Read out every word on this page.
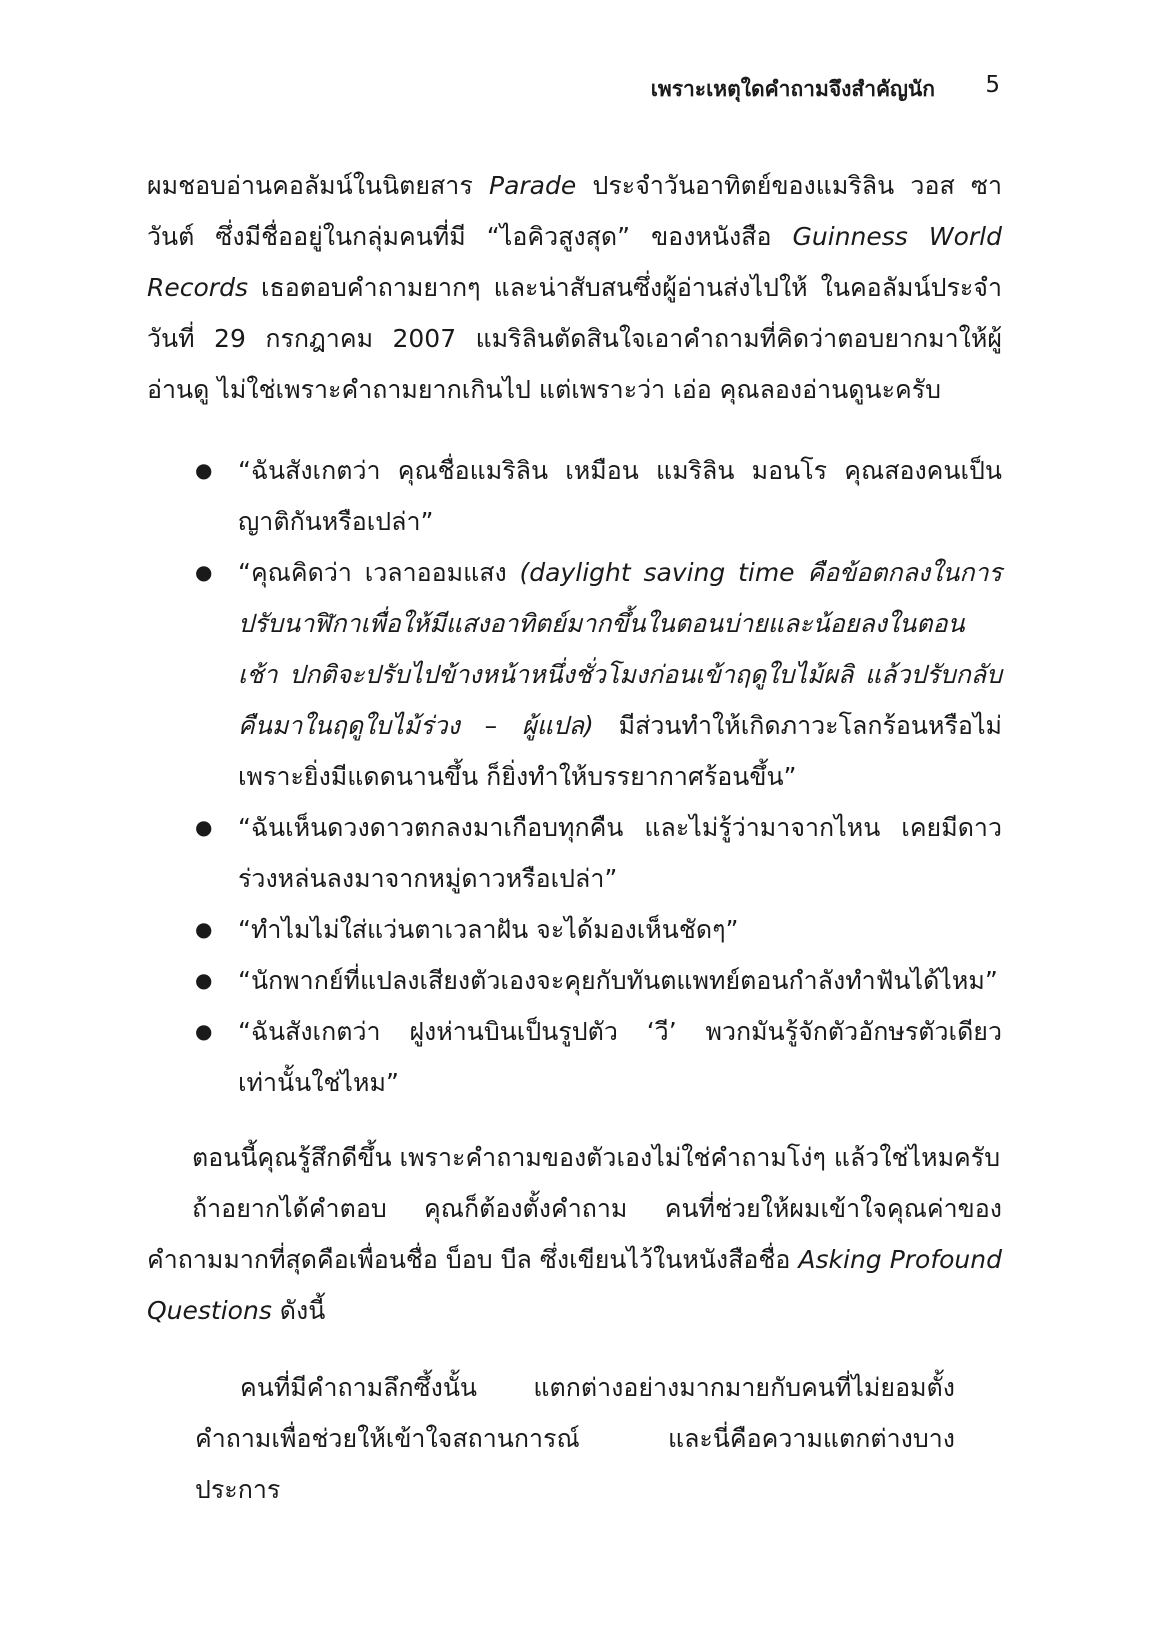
เพราะเหตุใดคำถามจึงสำคัญนัก 5
ผมชอบอ่านคอลัมน์ในนิตยสาร Parade ประจำวันอาทิตย์ของแมริลิน วอส ซาวันต์ ซึ่งมีชื่ออยู่ในกลุ่มคนที่มี “ไอคิวสูงสุด” ของหนังสือ Guinness World Records เธอตอบคำถามยากๆ และน่าสับสนซึ่งผู้อ่านส่งไปให้ ในคอลัมน์ประจำวันที่ 29 กรกฎาคม 2007 แมริลินตัดสินใจเอาคำถามที่คิดว่าตอบยากมาให้ผู้อ่านดู ไม่ใช่เพราะคำถามยากเกินไป แต่เพราะว่า เอ่อ คุณลองอ่านดูนะครับ
● “ฉันสังเกตว่า คุณชื่อแมริลิน เหมือน แมริลิน มอนโร คุณสองคนเป็นญาติกันหรือเปล่า”
● “คุณคิดว่า เวลาออมแสง (daylight saving time คือข้อตกลงในการปรับนาฬิกาเพื่อให้มีแสงอาทิตย์มากขึ้นในตอนบ่ายและน้อยลงในตอนเช้า ปกติจะปรับไปข้างหน้าหนึ่งชั่วโมงก่อนเข้าฤดูใบไม้ผลิ แล้วปรับกลับคืนมาในฤดูใบไม้ร่วง – ผู้แปล) มีส่วนทำให้เกิดภาวะโลกร้อนหรือไม่ เพราะยิ่งมีแดดนานขึ้น ก็ยิ่งทำให้บรรยากาศร้อนขึ้น”
● “ฉันเห็นดวงดาวตกลงมาเกือบทุกคืน และไม่รู้ว่ามาจากไหน เคยมีดาวร่วงหล่นลงมาจากหมู่ดาวหรือเปล่า”
● “ทำไมไม่ใส่แว่นตาเวลาฝัน จะได้มองเห็นชัดๆ”
● “นักพากย์ที่แปลงเสียงตัวเองจะคุยกับทันตแพทย์ตอนกำลังทำฟันได้ไหม”
● “ฉันสังเกตว่า ฝูงห่านบินเป็นรูปตัว ‘วี’ พวกมันรู้จักตัวอักษรตัวเดียวเท่านั้นใช่ไหม”
ตอนนี้คุณรู้สึกดีขึ้น เพราะคำถามของตัวเองไม่ใช่คำถามโง่ๆ แล้วใช่ไหมครับ
ถ้าอยากได้คำตอบ คุณก็ต้องตั้งคำถาม คนที่ช่วยให้ผมเข้าใจคุณค่าของคำถามมากที่สุดคือเพื่อนชื่อ บ็อบ บีล ซึ่งเขียนไว้ในหนังสือชื่อ Asking Profound Questions ดังนี้
คนที่มีคำถามลึกซึ้งนั้น แตกต่างอย่างมากมายกับคนที่ไม่ยอมตั้งคำถามเพื่อช่วยให้เข้าใจสถานการณ์ และนี่คือความแตกต่างบางประการ
